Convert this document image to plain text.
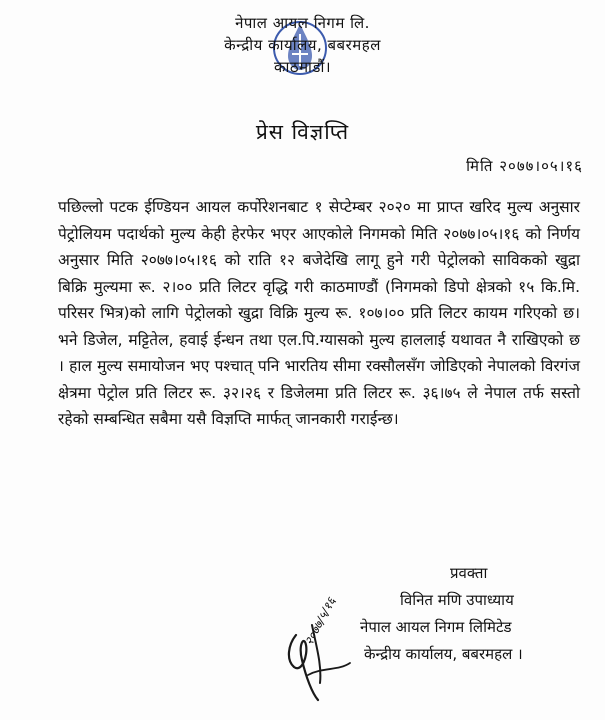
नेपाल आयल निगम लि.
केन्द्रीय कार्यालय, बबरमहल
काठमाडौं।
प्रेस विज्ञप्ति
मिति २०७७।०५।१६
पछिल्लो पटक ईण्डियन आयल कर्पोरेशनबाट १ सेप्टेम्बर २०२० मा प्राप्त खरिद मुल्य अनुसार पेट्रोलियम पदार्थको मुल्य केही हेरफेर भएर आएकोले निगमको मिति २०७७।०५।१६ को निर्णय अनुसार मिति २०७७।०५।१६ को राति १२ बजेदेखि लागू हुने गरी पेट्रोलको साविकको खुद्रा बिक्रि मुल्यमा रू. २।०० प्रति लिटर वृद्धि गरी काठमाण्डौं (निगमको डिपो क्षेत्रको १५ कि.मि. परिसर भित्र)को लागि पेट्रोलको खुद्रा विक्रि मुल्य रू. १०७।०० प्रति लिटर कायम गरिएको छ। भने डिजेल, मट्टितेल, हवाई ईन्धन तथा एल.पि.ग्यासको मुल्य हाललाई यथावत नै राखिएको छ । हाल मुल्य समायोजन भए पश्चात् पनि भारतिय सीमा रक्सौलसँग जोडिएको नेपालको विरगंज क्षेत्रमा पेट्रोल प्रति लिटर रू. ३२।२६ र डिजेलमा प्रति लिटर रू. ३६।७५ ले नेपाल तर्फ सस्तो रहेको सम्बन्धित सबैमा यसै विज्ञप्ति मार्फत् जानकारी गराईन्छ।
२०७७/५/१६
प्रवक्ता
विनित मणि उपाध्याय
नेपाल आयल निगम लिमिटेड
केन्द्रीय कार्यालय, बबरमहल ।
